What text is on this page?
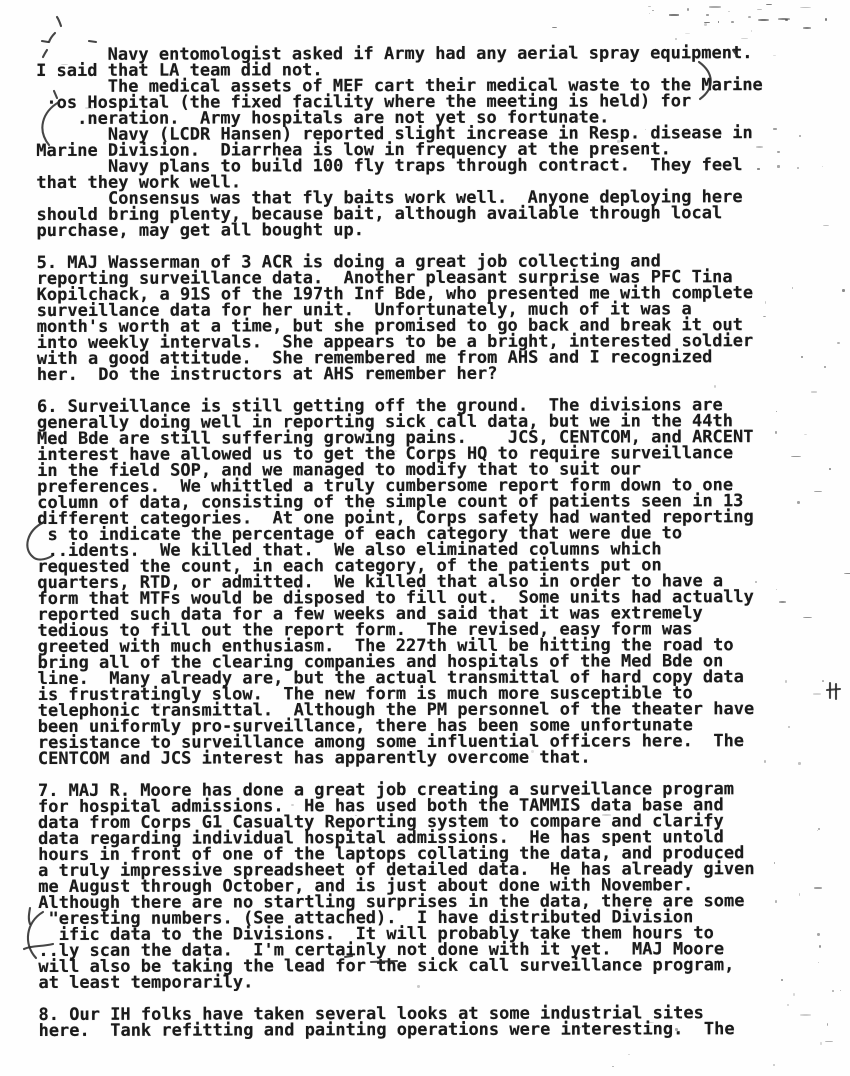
Navy entomologist asked if Army had any aerial spray equipment.
I said that LA team did not.
The medical assets of MEF cart their medical waste to the Marine
·os Hospital (the fixed facility where the meeting is held) for
.neration.  Army hospitals are not yet so fortunate.
Navy (LCDR Hansen) reported slight increase in Resp. disease in
Marine Division.  Diarrhea is low in frequency at the present.
Navy plans to build 100 fly traps through contract.  They feel
that they work well.
Consensus was that fly baits work well.  Anyone deploying here
should bring plenty, because bait, although available through local
purchase, may get all bought up.

5. MAJ Wasserman of 3 ACR is doing a great job collecting and
reporting surveillance data.  Another pleasant surprise was PFC Tina
Kopilchack, a 91S of the 197th Inf Bde, who presented me with complete
surveillance data for her unit.  Unfortunately, much of it was a
month's worth at a time, but she promised to go back and break it out
into weekly intervals.  She appears to be a bright, interested soldier
with a good attitude.  She remembered me from AHS and I recognized
her.  Do the instructors at AHS remember her?

6. Surveillance is still getting off the ground.  The divisions are
generally doing well in reporting sick call data, but we in the 44th
Med Bde are still suffering growing pains.    JCS, CENTCOM, and ARCENT
interest have allowed us to get the Corps HQ to require surveillance
in the field SOP, and we managed to modify that to suit our
preferences.  We whittled a truly cumbersome report form down to one
column of data, consisting of the simple count of patients seen in 13
different categories.  At one point, Corps safety had wanted reporting
s to indicate the percentage of each category that were due to
..idents.  We killed that.  We also eliminated columns which
requested the count, in each category, of the patients put on
quarters, RTD, or admitted.  We killed that also in order to have a
form that MTFs would be disposed to fill out.  Some units had actually
reported such data for a few weeks and said that it was extremely
tedious to fill out the report form.  The revised, easy form was
greeted with much enthusiasm.  The 227th will be hitting the road to
bring all of the clearing companies and hospitals of the Med Bde on
line.  Many already are, but the actual transmittal of hard copy data
is frustratingly slow.  The new form is much more susceptible to
telephonic transmittal.  Although the PM personnel of the theater have
been uniformly pro-surveillance, there has been some unfortunate
resistance to surveillance among some influential officers here.  The
CENTCOM and JCS interest has apparently overcome that.

7. MAJ R. Moore has done a great job creating a surveillance program
for hospital admissions.  He has used both the TAMMIS data base and
data from Corps G1 Casualty Reporting system to compare and clarify
data regarding individual hospital admissions.  He has spent untold
hours in front of one of the laptops collating the data, and produced
a truly impressive spreadsheet of detailed data.  He has already given
me August through October, and is just about done with November.
Although there are no startling surprises in the data, there are some
"eresting numbers. (See attached).  I have distributed Division
ific data to the Divisions.  It will probably take them hours to
..ly scan the data.  I'm certainly not done with it yet.  MAJ Moore
will also be taking the lead for the sick call surveillance program,
at least temporarily.

8. Our IH folks have taken several looks at some industrial sites
here.  Tank refitting and painting operations were interesting.  The
